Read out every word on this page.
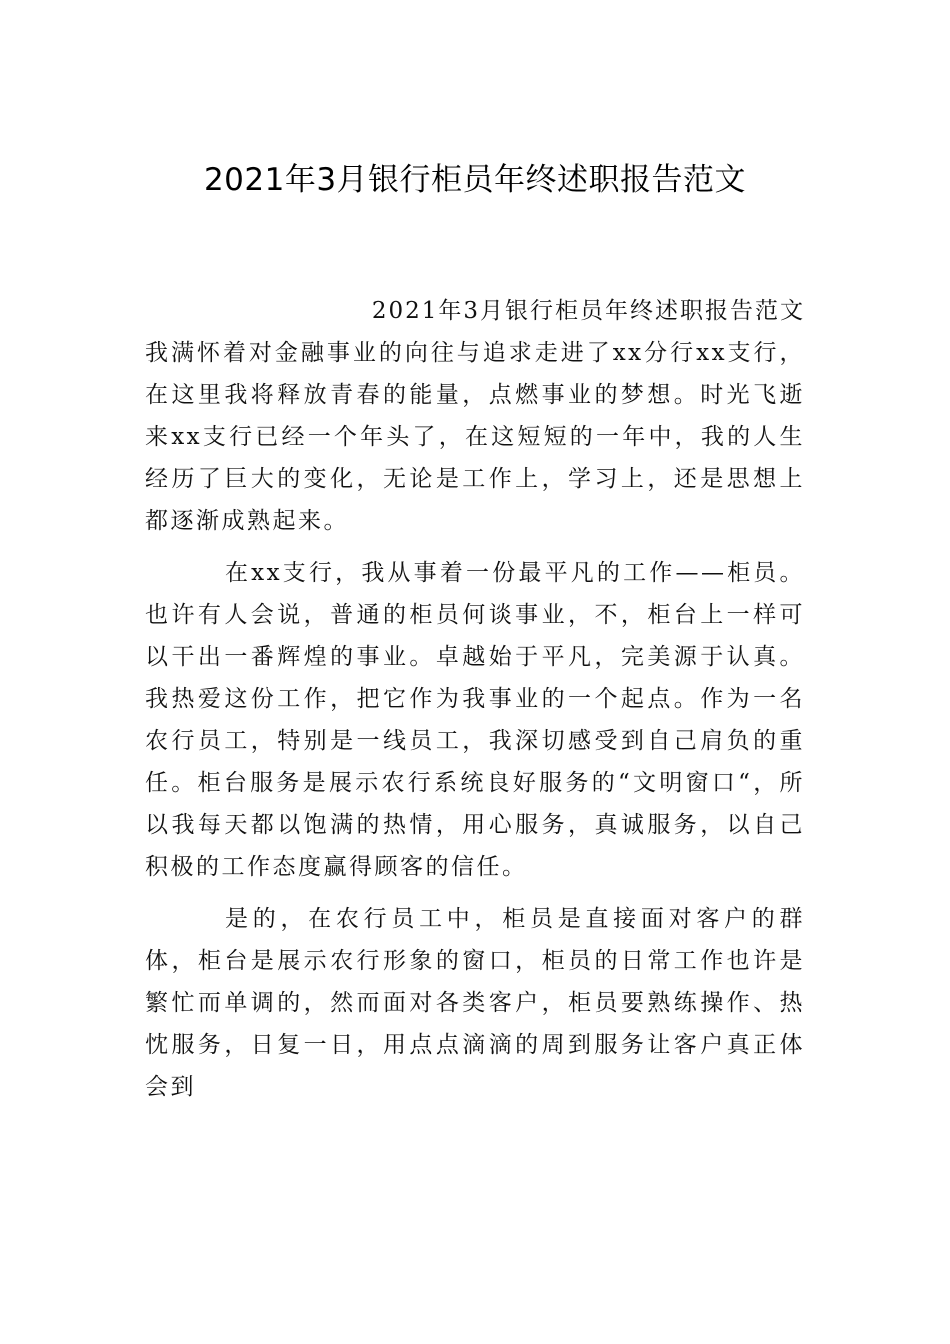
2021年3月银行柜员年终述职报告范文
2021年3月银行柜员年终述职报告范文

我满怀着对金融事业的向往与追求走进了xx分行xx支行，在这里我将释放青春的能量，点燃事业的梦想。时光飞逝来xx支行已经一个年头了，在这短短的一年中，我的人生经历了巨大的变化，无论是工作上，学习上，还是思想上都逐渐成熟起来。

在xx支行，我从事着一份最平凡的工作——柜员。也许有人会说，普通的柜员何谈事业，不，柜台上一样可以干出一番辉煌的事业。卓越始于平凡，完美源于认真。我热爱这份工作，把它作为我事业的一个起点。作为一名农行员工，特别是一线员工，我深切感受到自己肩负的重任。柜台服务是展示农行系统良好服务的“文明窗口“，所以我每天都以饱满的热情，用心服务，真诚服务，以自己积极的工作态度赢得顾客的信任。

是的，在农行员工中，柜员是直接面对客户的群体，柜台是展示农行形象的窗口，柜员的日常工作也许是繁忙而单调的，然而面对各类客户，柜员要熟练操作、热忱服务，日复一日，用点点滴滴的周到服务让客户真正体会到
